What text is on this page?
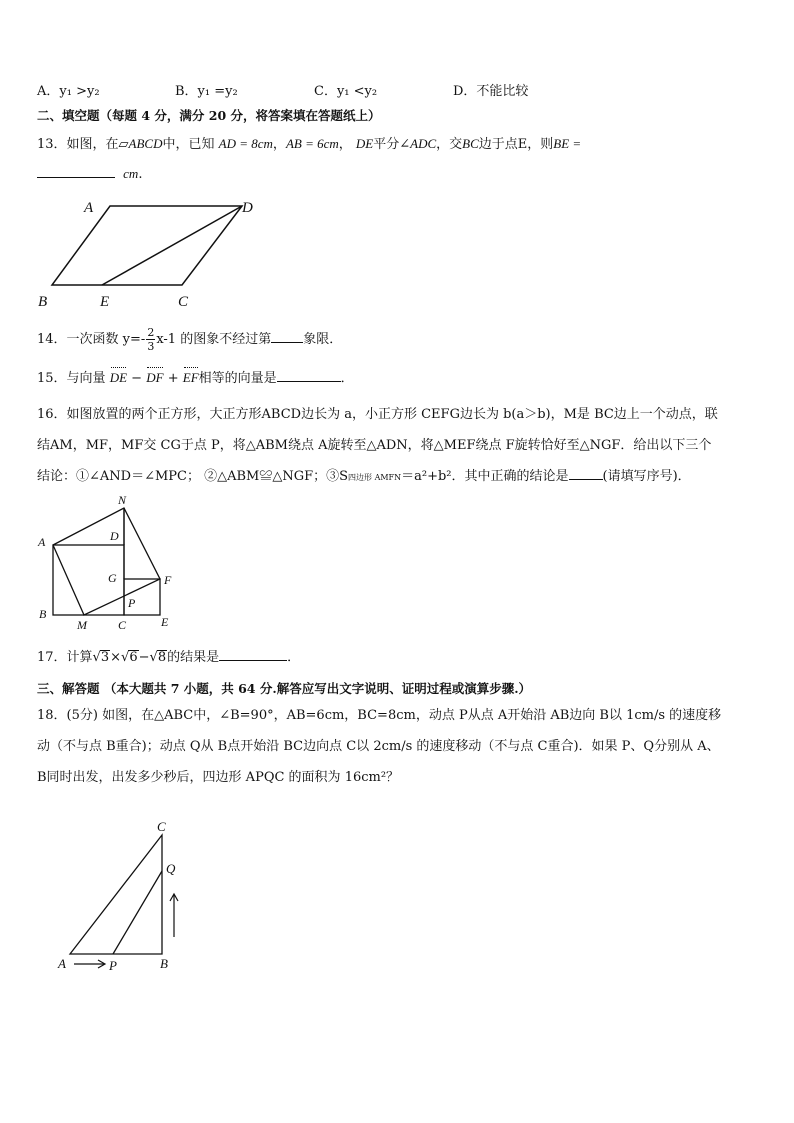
A．y₁ >y₂	B．y₁ =y₂	C．y₁ <y₂	D．不能比较
二、填空题（每题 4 分，满分 20 分，将答案填在答题纸上）
13．如图，在▱ABCD中，已知 AD = 8cm，AB = 6cm， DE平分∠ADC，交BC边于点E，则BE =
cm.
A	D
B	E	C
14．一次函数 $y=- \frac{2}{3} x-1$ 的图象不经过第 象限．
15．与向量 DE − DF + EF相等的向量是	．
16．如图放置的两个正方形，大正方形ABCD边长为 a，小正方形 CEFG边长为 b(a＞b)，M是 BC边上一个动点，联
结AM，MF，MF交 CG于点 P，将△ABM绕点 A旋转至△ADN，将△MEF绕点 F旋转恰好至△NGF．给出以下三个
结论：①∠AND＝∠MPC； ②△ABM≌△NGF；③S四边形 AMFN＝a²+b²．其中正确的结论是	(请填写序号)．
N
A	D
G	F
P
B
M	C	E
17．计算√3×√6−√8的结果是	．
三、解答题 （本大题共 7 小题，共 64 分.解答应写出文字说明、证明过程或演算步骤.）
18．(5分) 如图，在△ABC中，∠B=90°，AB=6cm，BC=8cm，动点 P从点 A开始沿 AB边向 B以 1cm/s 的速度移
动（不与点 B重合)；动点 Q从 B点开始沿 BC边向点 C以 2cm/s 的速度移动（不与点 C重合)．如果 P、Q分别从 A、
B同时出发，出发多少秒后，四边形 APQC 的面积为 16cm²？
C
Q
A	P	B
